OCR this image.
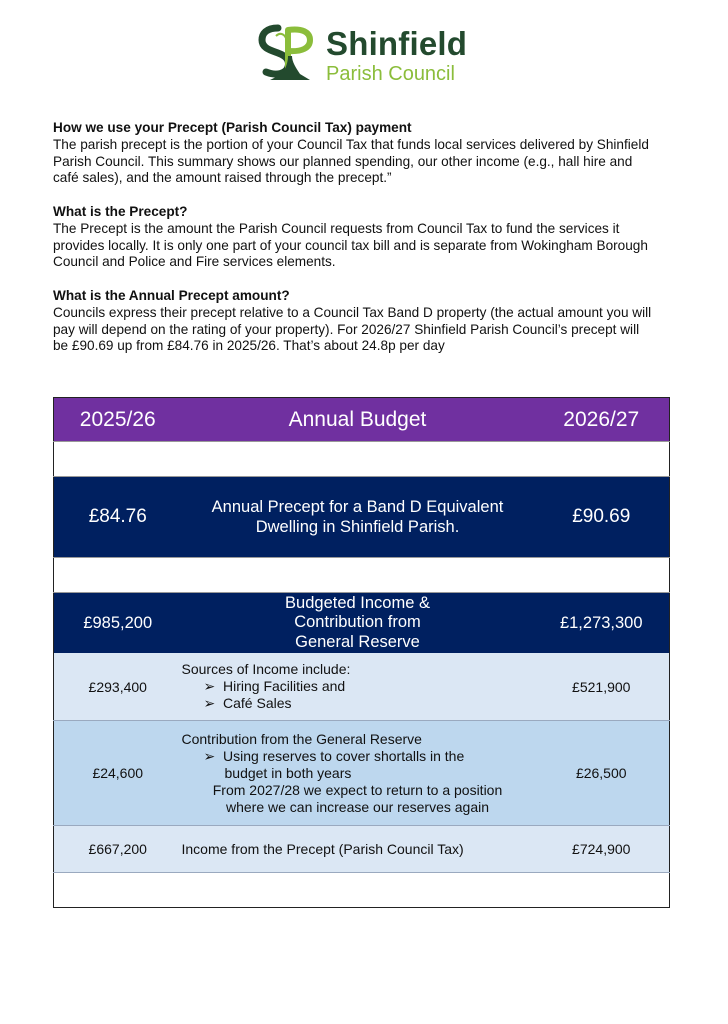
Shinfield
Parish Council
How we use your Precept (Parish Council Tax) payment

The parish precept is the portion of your Council Tax that funds local services delivered by Shinfield Parish Council. This summary shows our planned spending, our other income (e.g., hall hire and café sales), and the amount raised through the precept.”

What is the Precept?

The Precept is the amount the Parish Council requests from Council Tax to fund the services it provides locally. It is only one part of your council tax bill and is separate from Wokingham Borough Council and Police and Fire services elements.

What is the Annual Precept amount?

Councils express their precept relative to a Council Tax Band D property (the actual amount you will pay will depend on the rating of your property). For 2026/27 Shinfield Parish Council’s precept will be £90.69 up from £84.76 in 2025/26. That’s about 24.8p per day

2025/26	Annual Budget	2026/27

£84.76	Annual Precept for a Band D Equivalent
Dwelling in Shinfield Parish.	£90.69

£985,200	Budgeted Income &
Contribution from
General Reserve	£1,273,300
£293,400	Sources of Income include:
➢ Hiring Facilities and
➢ Café Sales	£521,900
£24,600	Contribution from the General Reserve
➢ Using reserves to cover shortalls in the
budget in both years
From 2027/28 we expect to return to a position
where we can increase our reserves again	£26,500
£667,200	Income from the Precept (Parish Council Tax)	£724,900
